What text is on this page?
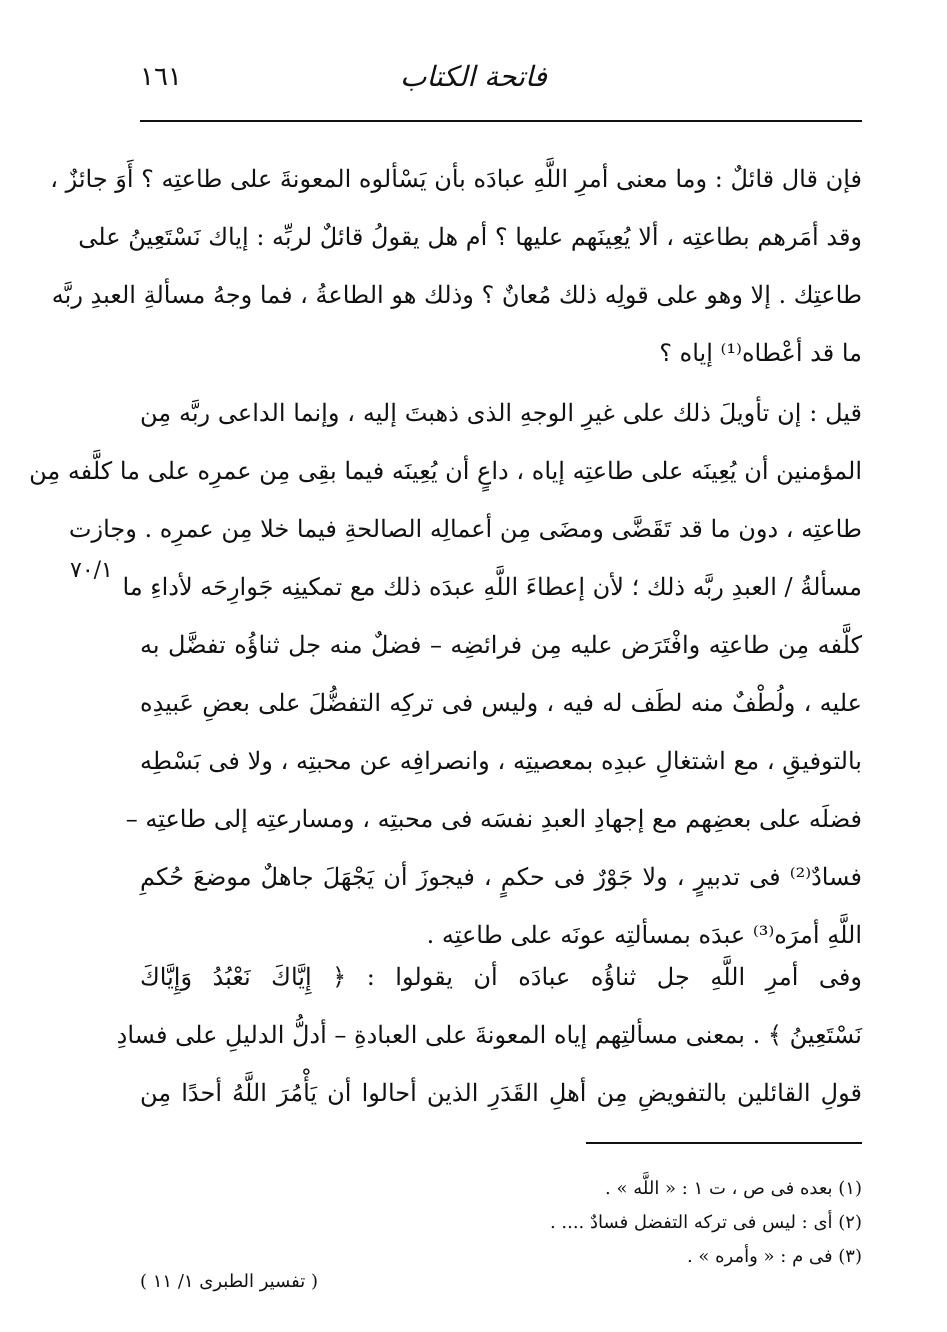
١٦١	فاتحة الكتاب
فإن قال قائلٌ : وما معنى أمرِ اللَّهِ عبادَه بأن يَسْألوه المعونةَ على طاعتِه ؟ أَوَ جائزٌ ،
وقد أمَرهم بطاعتِه ، ألا يُعِينَهم عليها ؟ أم هل يقولُ قائلٌ لربِّه : إياك نَسْتَعِينُ على
طاعتِك . إلا وهو على قولِه ذلك مُعانٌ ؟ وذلك هو الطاعةُ ، فما وجهُ مسألةِ العبدِ ربَّه
ما قد أعْطاه⁽¹⁾ إياه ؟
قيل : إن تأويلَ ذلك على غيرِ الوجهِ الذى ذهبتَ إليه ، وإنما الداعى ربَّه مِن
المؤمنين أن يُعِينَه على طاعتِه إياه ، داعٍ أن يُعِينَه فيما بقِى مِن عمرِه على ما كلَّفه مِن
طاعتِه ، دون ما قد تَقَضَّى ومضَى مِن أعمالِه الصالحةِ فيما خلا مِن عمرِه . وجازت
مسألةُ / العبدِ ربَّه ذلك ؛ لأن إعطاءَ اللَّهِ عبدَه ذلك مع تمكينِه جَوارِحَه لأداءِ ما
كلَّفه مِن طاعتِه وافْتَرَض عليه مِن فرائضِه – فضلٌ منه جل ثناؤُه تفضَّل به
عليه ، ولُطْفٌ منه لطَف له فيه ، وليس فى تركِه التفضُّلَ على بعضِ عَبيدِه
بالتوفيقِ ، مع اشتغالِ عبدِه بمعصيتِه ، وانصرافِه عن محبتِه ، ولا فى بَسْطِه
فضلَه على بعضِهم مع إجهادِ العبدِ نفسَه فى محبتِه ، ومسارعتِه إلى طاعتِه –
فسادٌ⁽²⁾ فى تدبيرٍ ، ولا جَوْرٌ فى حكمٍ ، فيجوزَ أن يَجْهَلَ جاهلٌ موضعَ حُكمِ
اللَّهِ أمرَه⁽³⁾ عبدَه بمسألتِه عونَه على طاعتِه .
٧٠/١
وفى أمرِ اللَّهِ جل ثناؤُه عبادَه أن يقولوا : ﴿ إِيَّاكَ نَعْبُدُ وَإِيَّاكَ
نَسْتَعِينُ ﴾ . بمعنى مسألتِهم إياه المعونةَ على العبادةِ – أدلُّ الدليلِ على فسادِ
قولِ القائلين بالتفويضِ مِن أهلِ القَدَرِ الذين أحالوا أن يَأْمُرَ اللَّهُ أحدًا مِن
(١) بعده فى ص ، ت ١ : « اللَّه » .
(٢) أى : ليس فى تركه التفضل فسادٌ .... .
(٣) فى م : « وأمره » .
( تفسير الطبرى ١/ ١١ )
